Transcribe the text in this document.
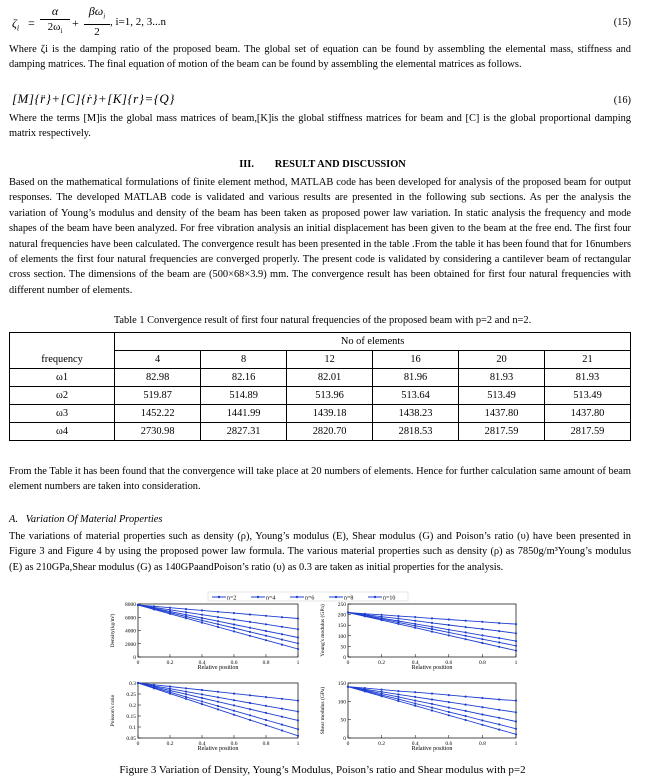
$\zeta_i$ =
α
$2\omega_i$
+
$\beta\omega_i$
2
, i=1, 2, 3...n	(15)

Where ζi is the damping ratio of the proposed beam. The global set of equation can be found by assembling the elemental mass, stiffness and damping matrices. The final equation of motion of the beam can be found by assembling the elemental matrices as follows.

[M]{r̈}+[C]{ṙ}+[K]{r}={Q}	(16)

Where the terms [M]is the global mass matrices of beam,[K]is the global stiffness matrices for beam and [C] is the global proportional damping matrix respectively.

III.        RESULT AND DISCUSSION

Based on the mathematical formulations of finite element method, MATLAB code has been developed for analysis of the proposed beam for output responses. The developed MATLAB code is validated and various results are presented in the following sub sections. As per the analysis the variation of Young’s modulus and density of the beam has been taken as proposed power law variation. In static analysis the frequency and mode shapes of the beam have been analyzed. For free vibration analysis an initial displacement has been given to the beam at the free end. The first four natural frequencies have been calculated. The convergence result has been presented in the table .From the table it has been found that for 16numbers of elements the first four natural frequencies are converged properly. The present code is validated by considering a cantilever beam of rectangular cross section. The dimensions of the beam are (500×68×3.9) mm. The convergence result has been obtained for first four natural frequencies with different number of elements.

Table 1 Convergence result of first four natural frequencies of the proposed beam with p=2 and n=2.
	No of elements					
frequency	4	8	12	16	20	21
ω1	82.98	82.16	82.01	81.96	81.93	81.93
ω2	519.87	514.89	513.96	513.64	513.49	513.49
ω3	1452.22	1441.99	1439.18	1438.23	1437.80	1437.80
ω4	2730.98	2827.31	2820.70	2818.53	2817.59	2817.59

From the Table it has been found that the convergence will take place at 20 numbers of elements. Hence for further calculation same amount of beam element numbers are taken into consideration.

A.   Variation Of Material Properties

The variations of material properties such as density (ρ), Young’s modulus (E), Shear modulus (G) and Poison’s ratio (υ) have been presented in Figure 3 and Figure 4 by using the proposed power law formula. The various material properties such as density (ρ) as 7850g/m³Young’s modulus (E) as 210GPa,Shear modulus (G) as 140GPaandPoison’s ratio (υ) as 0.3 are taken as initial properties for the analysis.

n=2	n=4	n=6	n=8	n=10
0
2000
4000
6000
8000
0	0.2	0.4	0.6	0.8	1
Relative position
Density(kg/m³)
0
50
100
150
200
250
0	0.2	0.4	0.6	0.8	1
Relative position
Young's modulus (GPa)
0.05
0.1
0.15
0.2
0.25
0.3
0	0.2	0.4	0.6	0.8	1
Relative position
Poisson's ratio
0
50
100
150
0	0.2	0.4	0.6	0.8	1
Relative position
Shear modulus (GPa)
Figure 3 Variation of Density, Young’s Modulus, Poison’s ratio and Shear modulus with p=2
